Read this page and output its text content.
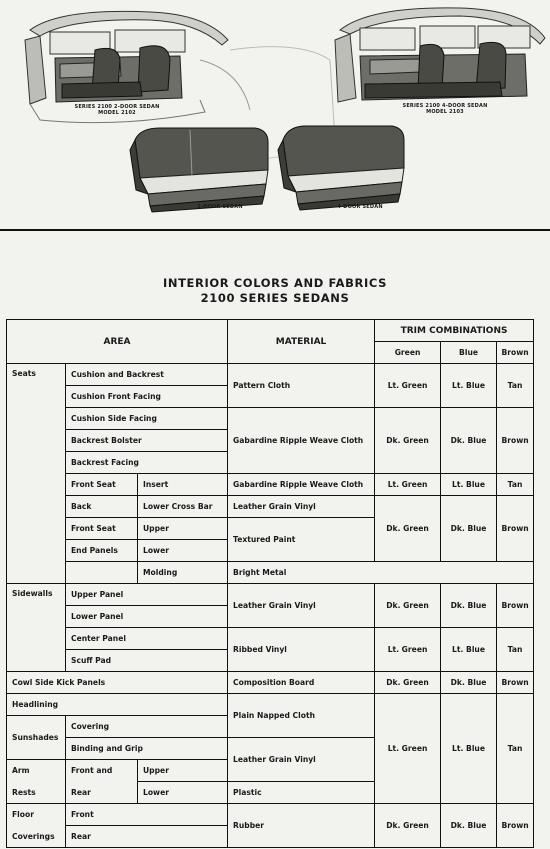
SERIES 2100 2-DOOR SEDAN
MODEL 2102
SERIES 2100 4-DOOR SEDAN
MODEL 2103
2-DOOR SEDAN	4-DOOR SEDAN
INTERIOR COLORS AND FABRICS
2100 SERIES SEDANS
AREA			MATERIAL	TRIM COMBINATIONS		
				Green	Blue	Brown
Seats	Cushion and Backrest		Pattern Cloth	Lt. Green	Lt. Blue	Tan
	Cushion Front Facing					
	Cushion Side Facing		Gabardine Ripple Weave Cloth	Dk. Green	Dk. Blue	Brown
	Backrest Bolster					
	Backrest Facing					
	Front Seat	Insert	Gabardine Ripple Weave Cloth	Lt. Green	Lt. Blue	Tan
	Back	Lower Cross Bar	Leather Grain Vinyl	Dk. Green	Dk. Blue	Brown
	Front Seat	Upper	Textured Paint			
	End Panels	Lower				
		Molding	Bright Metal			
Sidewalls	Upper Panel		Leather Grain Vinyl	Dk. Green	Dk. Blue	Brown
	Lower Panel					
	Center Panel		Ribbed Vinyl	Lt. Green	Lt. Blue	Tan
	Scuff Pad					
Cowl Side Kick Panels			Composition Board	Dk. Green	Dk. Blue	Brown
Headlining			Plain Napped Cloth	Lt. Green	Lt. Blue	Tan
Sunshades	Covering					
	Binding and Grip		Leather Grain Vinyl			
Arm	Front and	Upper				
Rests	Rear	Lower	Plastic			
Floor	Front		Rubber	Dk. Green	Dk. Blue	Brown
Coverings	Rear					
